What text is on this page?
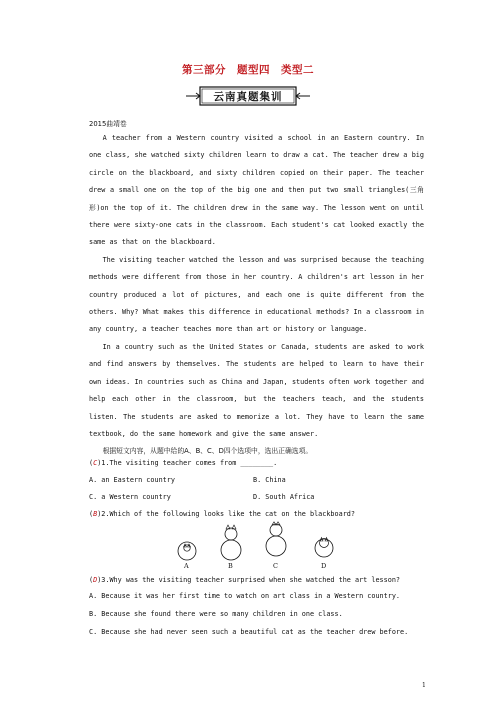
第三部分　题型四　类型二
云南真题集训
2015曲靖卷

A teacher from a Western country visited a school in an Eastern country. In one class, she watched sixty children learn to draw a cat. The teacher drew a big circle on the blackboard, and sixty children copied on their paper. The teacher drew a small one on the top of the big one and then put two small triangles(三角形)on the top of it. The children drew in the same way. The lesson went on until there were sixty-one cats in the classroom. Each student's cat looked exactly the same as that on the blackboard.

The visiting teacher watched the lesson and was surprised because the teaching methods were different from those in her country. A children's art lesson in her country produced a lot of pictures, and each one is quite different from the others. Why? What makes this difference in educational methods? In a classroom in any country, a teacher teaches more than art or history or language.

In a country such as the United States or Canada, students are asked to work and find answers by themselves. The students are helped to learn to have their own ideas. In countries such as China and Japan, students often work together and help each other in the classroom, but the teachers teach, and the students listen. The students are asked to memorize a lot. They have to learn the same textbook, do the same homework and give the same answer.

根据短文内容，从题中给的A、B、C、D四个选项中，选出正确选项。

(C)1.The visiting teacher comes from ________.
A. an Eastern country	B. China
C. a Western country	D. South Africa
(B)2.Which of the following looks like the cat on the blackboard?
A	B	C	D
(D)3.Why was the visiting teacher surprised when she watched the art lesson?
A. Because it was her first time to watch on art class in a Western country.
B. Because she found there were so many children in one class.
C. Because she had never seen such a beautiful cat as the teacher drew before.
1
